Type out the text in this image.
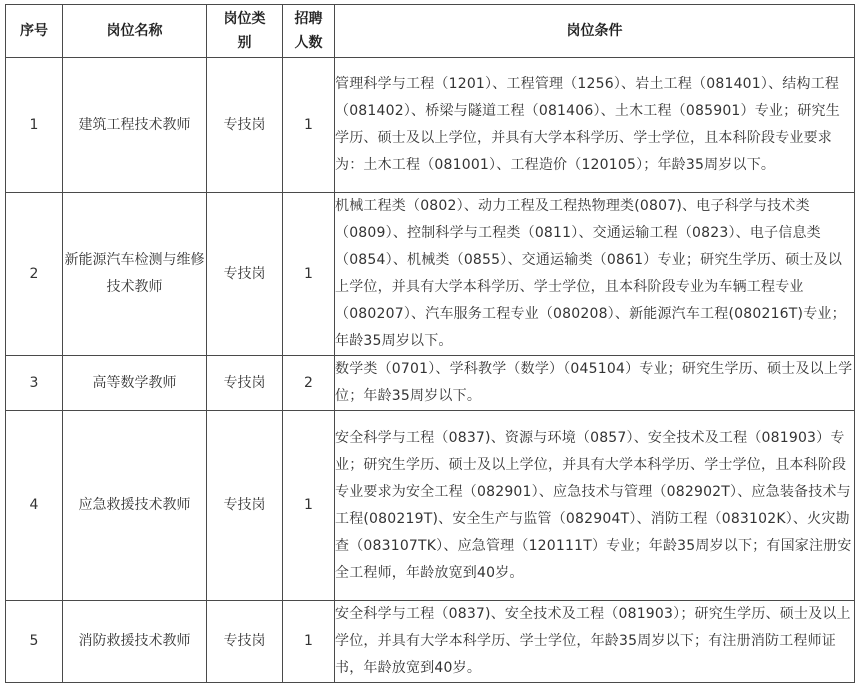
序号	岗位名称	岗位类别	招聘人数	岗位条件
1	建筑工程技术教师	专技岗	1	管理科学与工程（1201）、工程管理（1256）、岩土工程（081401）、结构工程（081402）、桥梁与隧道工程（081406）、土木工程（085901）专业；研究生学历、硕士及以上学位，并具有大学本科学历、学士学位，且本科阶段专业要求为：土木工程（081001）、工程造价（120105）；年龄35周岁以下。
2	新能源汽车检测与维修技术教师	专技岗	1	机械工程类（0802）、动力工程及工程热物理类(0807)、电子科学与技术类（0809）、控制科学与工程类（0811）、交通运输工程（0823）、电子信息类（0854）、机械类（0855）、交通运输类（0861）专业；研究生学历、硕士及以上学位，并具有大学本科学历、学士学位，且本科阶段专业为车辆工程专业（080207）、汽车服务工程专业（080208）、新能源汽车工程(080216T)专业；年龄35周岁以下。
3	高等数学教师	专技岗	2	数学类（0701）、学科教学（数学）（045104）专业；研究生学历、硕士及以上学位；年龄35周岁以下。
4	应急救援技术教师	专技岗	1	安全科学与工程（0837)、资源与环境（0857）、安全技术及工程（081903）专业；研究生学历、硕士及以上学位，并具有大学本科学历、学士学位，且本科阶段专业要求为安全工程（082901）、应急技术与管理（082902T）、应急装备技术与工程(080219T)、安全生产与监管（082904T）、消防工程（083102K）、火灾勘查（083107TK）、应急管理（120111T）专业；年龄35周岁以下；有国家注册安全工程师，年龄放宽到40岁。
5	消防救援技术教师	专技岗	1	安全科学与工程（0837)、安全技术及工程（081903）；研究生学历、硕士及以上学位，并具有大学本科学历、学士学位，年龄35周岁以下；有注册消防工程师证书，年龄放宽到40岁。
